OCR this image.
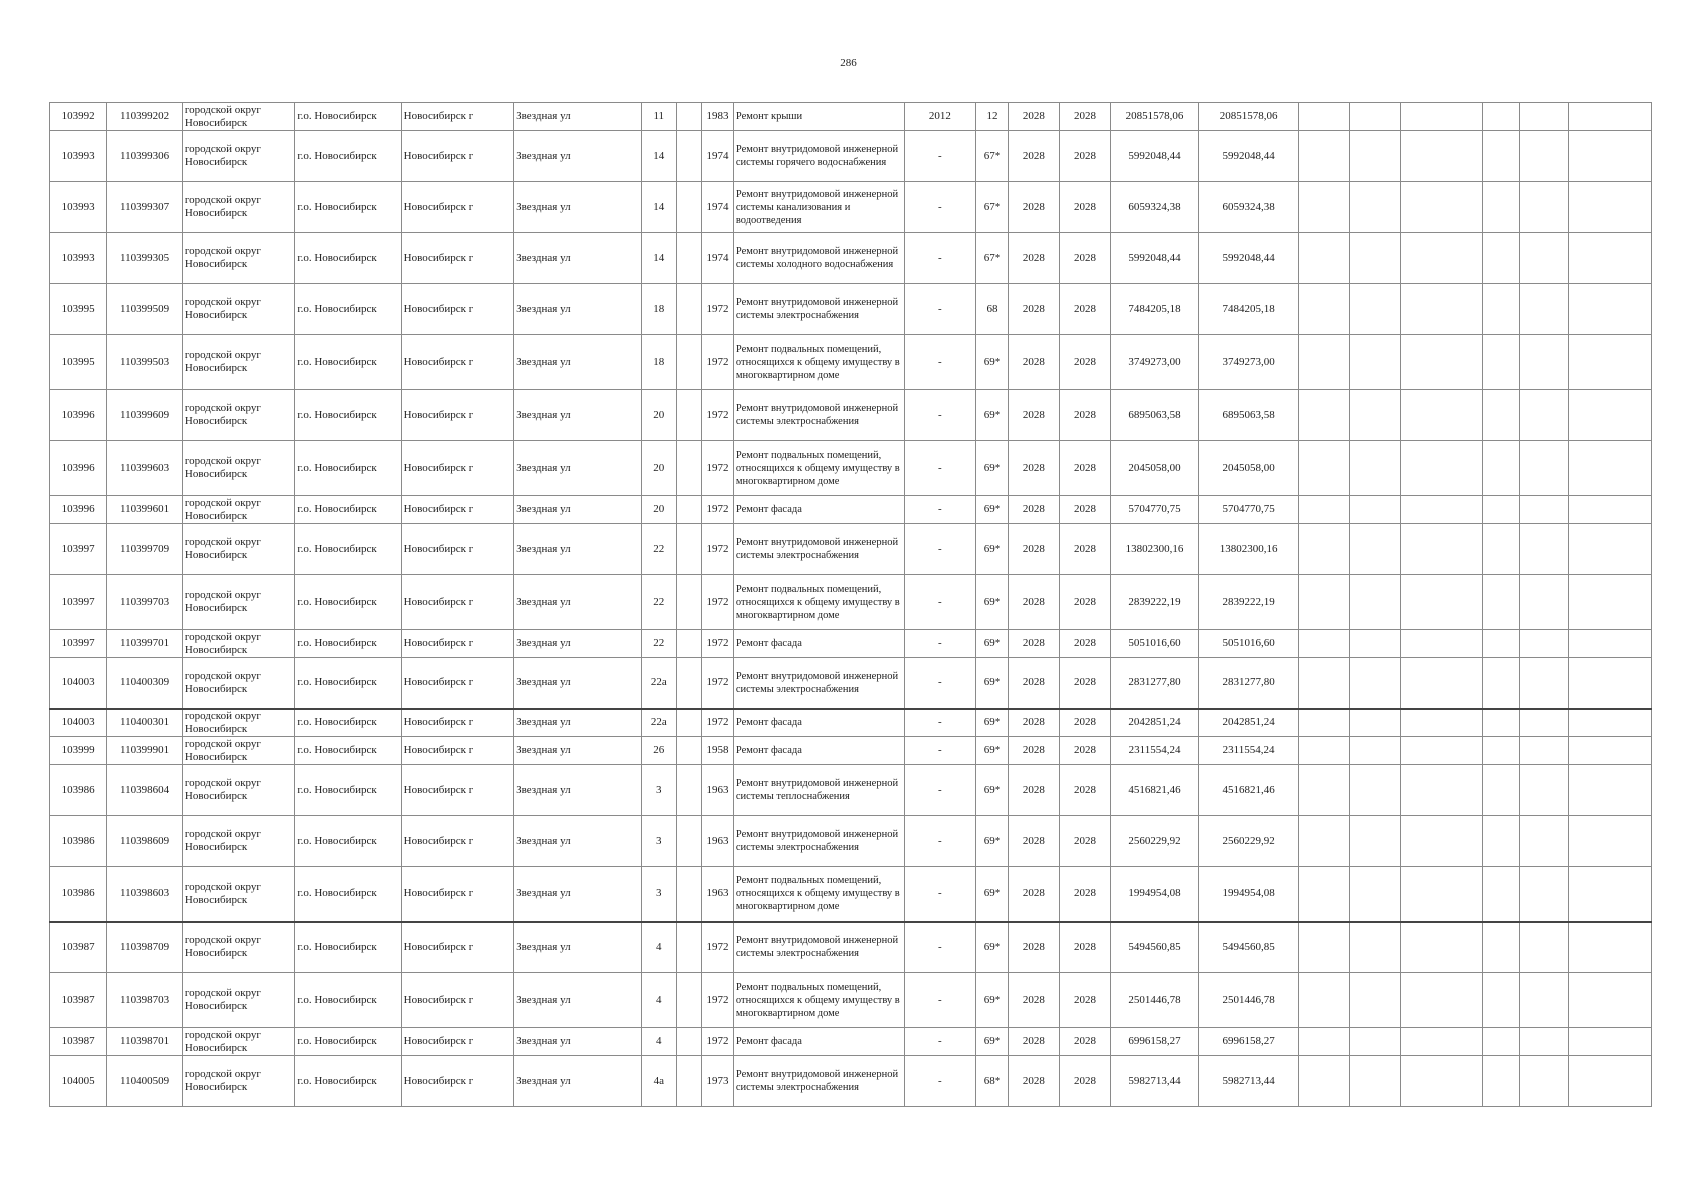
286
103992	110399202	городской округ Новосибирск	г.о. Новосибирск	Новосибирск г	Звездная ул	11		1983	Ремонт крыши	2012	12	2028	2028	20851578,06	20851578,06						
103993	110399306	городской округ Новосибирск	г.о. Новосибирск	Новосибирск г	Звездная ул	14		1974	Ремонт внутридомовой инженерной системы горячего водоснабжения	-	67*	2028	2028	5992048,44	5992048,44						
103993	110399307	городской округ Новосибирск	г.о. Новосибирск	Новосибирск г	Звездная ул	14		1974	Ремонт внутридомовой инженерной системы канализования и водоотведения	-	67*	2028	2028	6059324,38	6059324,38						
103993	110399305	городской округ Новосибирск	г.о. Новосибирск	Новосибирск г	Звездная ул	14		1974	Ремонт внутридомовой инженерной системы холодного водоснабжения	-	67*	2028	2028	5992048,44	5992048,44						
103995	110399509	городской округ Новосибирск	г.о. Новосибирск	Новосибирск г	Звездная ул	18		1972	Ремонт внутридомовой инженерной системы электроснабжения	-	68	2028	2028	7484205,18	7484205,18						
103995	110399503	городской округ Новосибирск	г.о. Новосибирск	Новосибирск г	Звездная ул	18		1972	Ремонт подвальных помещений, относящихся к общему имуществу в многоквартирном доме	-	69*	2028	2028	3749273,00	3749273,00						
103996	110399609	городской округ Новосибирск	г.о. Новосибирск	Новосибирск г	Звездная ул	20		1972	Ремонт внутридомовой инженерной системы электроснабжения	-	69*	2028	2028	6895063,58	6895063,58						
103996	110399603	городской округ Новосибирск	г.о. Новосибирск	Новосибирск г	Звездная ул	20		1972	Ремонт подвальных помещений, относящихся к общему имуществу в многоквартирном доме	-	69*	2028	2028	2045058,00	2045058,00						
103996	110399601	городской округ Новосибирск	г.о. Новосибирск	Новосибирск г	Звездная ул	20		1972	Ремонт фасада	-	69*	2028	2028	5704770,75	5704770,75						
103997	110399709	городской округ Новосибирск	г.о. Новосибирск	Новосибирск г	Звездная ул	22		1972	Ремонт внутридомовой инженерной системы электроснабжения	-	69*	2028	2028	13802300,16	13802300,16						
103997	110399703	городской округ Новосибирск	г.о. Новосибирск	Новосибирск г	Звездная ул	22		1972	Ремонт подвальных помещений, относящихся к общему имуществу в многоквартирном доме	-	69*	2028	2028	2839222,19	2839222,19						
103997	110399701	городской округ Новосибирск	г.о. Новосибирск	Новосибирск г	Звездная ул	22		1972	Ремонт фасада	-	69*	2028	2028	5051016,60	5051016,60						
104003	110400309	городской округ Новосибирск	г.о. Новосибирск	Новосибирск г	Звездная ул	22а		1972	Ремонт внутридомовой инженерной системы электроснабжения	-	69*	2028	2028	2831277,80	2831277,80						
104003	110400301	городской округ Новосибирск	г.о. Новосибирск	Новосибирск г	Звездная ул	22а		1972	Ремонт фасада	-	69*	2028	2028	2042851,24	2042851,24						
103999	110399901	городской округ Новосибирск	г.о. Новосибирск	Новосибирск г	Звездная ул	26		1958	Ремонт фасада	-	69*	2028	2028	2311554,24	2311554,24						
103986	110398604	городской округ Новосибирск	г.о. Новосибирск	Новосибирск г	Звездная ул	3		1963	Ремонт внутридомовой инженерной системы теплоснабжения	-	69*	2028	2028	4516821,46	4516821,46						
103986	110398609	городской округ Новосибирск	г.о. Новосибирск	Новосибирск г	Звездная ул	3		1963	Ремонт внутридомовой инженерной системы электроснабжения	-	69*	2028	2028	2560229,92	2560229,92						
103986	110398603	городской округ Новосибирск	г.о. Новосибирск	Новосибирск г	Звездная ул	3		1963	Ремонт подвальных помещений, относящихся к общему имуществу в многоквартирном доме	-	69*	2028	2028	1994954,08	1994954,08						
103987	110398709	городской округ Новосибирск	г.о. Новосибирск	Новосибирск г	Звездная ул	4		1972	Ремонт внутридомовой инженерной системы электроснабжения	-	69*	2028	2028	5494560,85	5494560,85						
103987	110398703	городской округ Новосибирск	г.о. Новосибирск	Новосибирск г	Звездная ул	4		1972	Ремонт подвальных помещений, относящихся к общему имуществу в многоквартирном доме	-	69*	2028	2028	2501446,78	2501446,78						
103987	110398701	городской округ Новосибирск	г.о. Новосибирск	Новосибирск г	Звездная ул	4		1972	Ремонт фасада	-	69*	2028	2028	6996158,27	6996158,27						
104005	110400509	городской округ Новосибирск	г.о. Новосибирск	Новосибирск г	Звездная ул	4а		1973	Ремонт внутридомовой инженерной системы электроснабжения	-	68*	2028	2028	5982713,44	5982713,44						
